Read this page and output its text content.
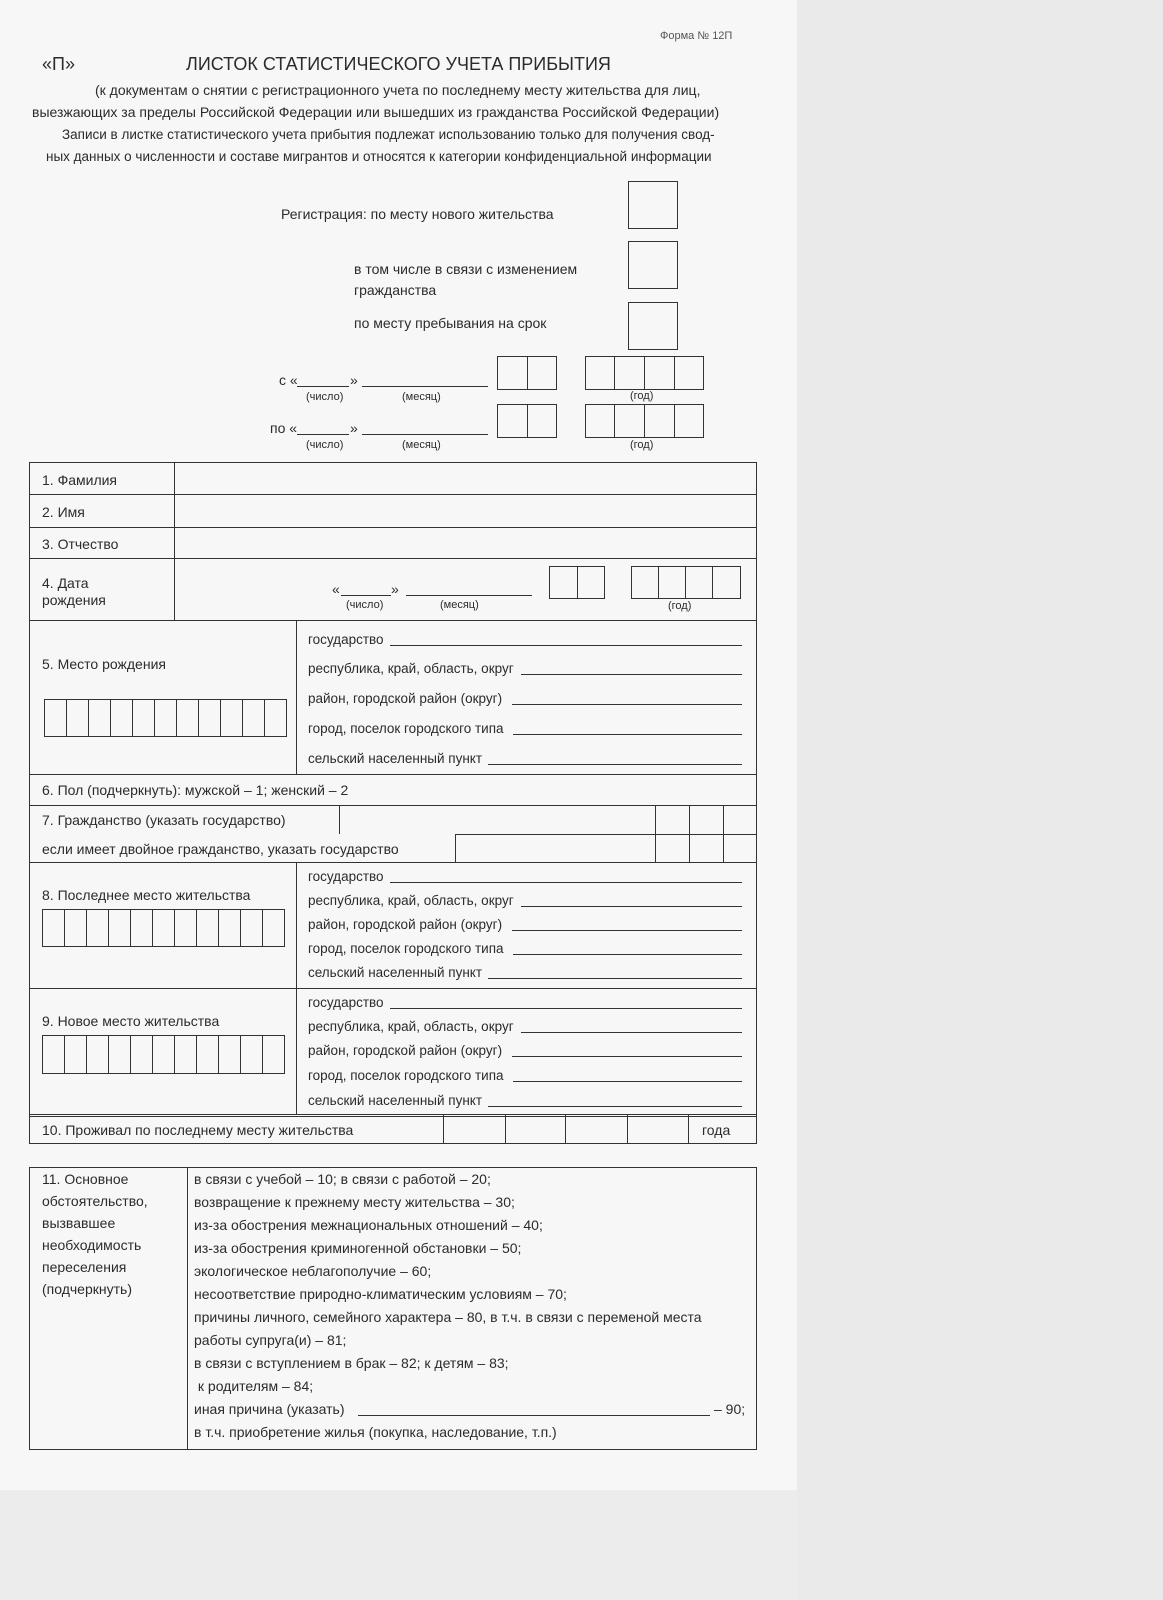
Форма № 12П
«П»	ЛИСТОК СТАТИСТИЧЕСКОГО УЧЕТА ПРИБЫТИЯ
(к документам о снятии с регистрационного учета по последнему месту жительства для лиц,
выезжающих за пределы Российской Федерации или вышедших из гражданства Российской Федерации)
Записи в листке статистического учета прибытия подлежат использованию только для получения свод-
ных данных о численности и составе мигрантов и относятся к категории конфиденциальной информации
Регистрация: по месту нового жительства
в том числе в связи с изменением
гражданства
по месту пребывания на срок
с «	»
(число)	(месяц)	(год)
по «	»
(число)	(месяц)	(год)
1. Фамилия
2. Имя
3. Отчество
4. Дата
рождения
«	»
(число)	(месяц)	(год)
5. Место рождения
государство
республика, край, область, округ
район, городской район (округ)
город, поселок городского типа
сельский населенный пункт
6. Пол (подчеркнуть): мужской – 1; женский – 2
7. Гражданство (указать государство)
если имеет двойное гражданство, указать государство
8. Последнее место жительства
государство
республика, край, область, округ
район, городской район (округ)
город, поселок городского типа
сельский населенный пункт
9. Новое место жительства
государство
республика, край, область, округ
район, городской район (округ)
город, поселок городского типа
сельский населенный пункт
10. Проживал по последнему месту жительства	года
11. Основное
обстоятельство,
вызвавшее
необходимость
переселения
(подчеркнуть)
в связи с учебой – 10; в связи с работой – 20;
возвращение к прежнему месту жительства – 30;
из-за обострения межнациональных отношений – 40;
из-за обострения криминогенной обстановки – 50;
экологическое неблагополучие – 60;
несоответствие природно-климатическим условиям – 70;
причины личного, семейного характера – 80, в т.ч. в связи с переменой места
работы супруга(и) – 81;
в связи с вступлением в брак – 82; к детям – 83;
к родителям – 84;
иная причина (указать)	– 90;
в т.ч. приобретение жилья (покупка, наследование, т.п.)
